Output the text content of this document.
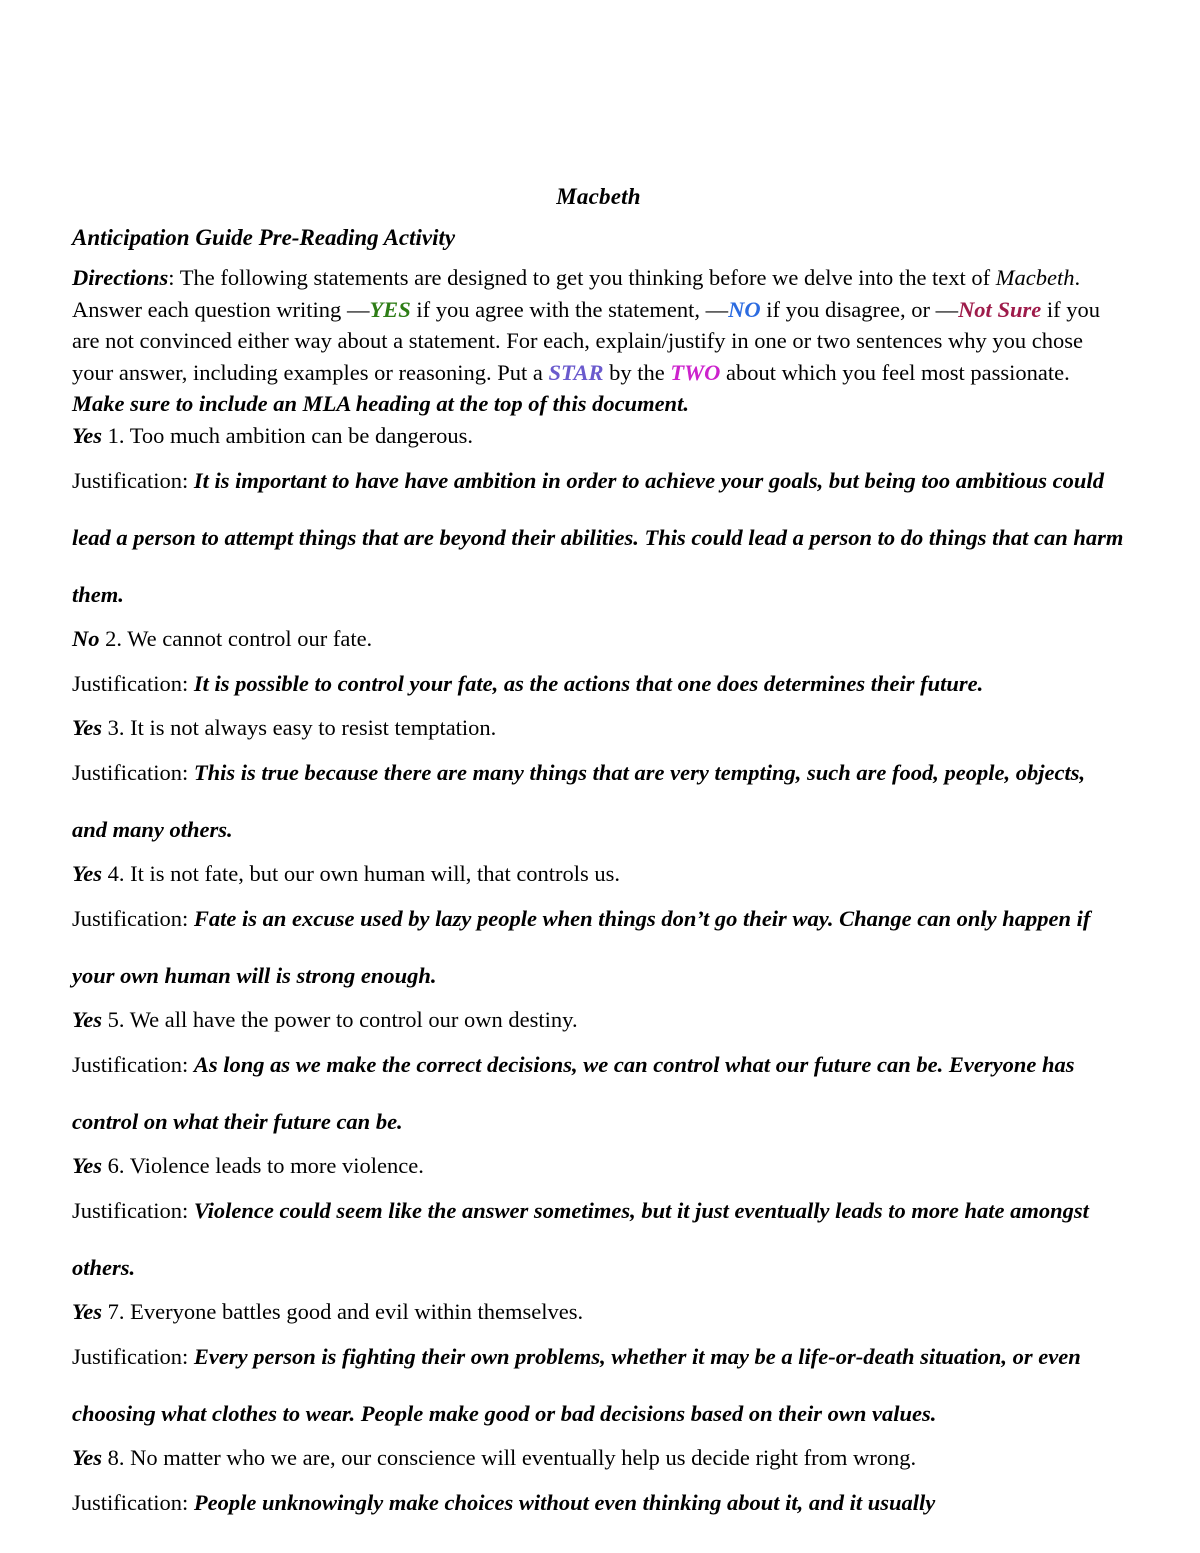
Macbeth
Anticipation Guide Pre-Reading Activity

Directions: The following statements are designed to get you thinking before we delve into the text of Macbeth. Answer each question writing —YES if you agree with the statement, —NO if you disagree, or —Not Sure if you are not convinced either way about a statement. For each, explain/justify in one or two sentences why you chose your answer, including examples or reasoning. Put a STAR by the TWO about which you feel most passionate. Make sure to include an MLA heading at the top of this document.

Yes 1. Too much ambition can be dangerous.

Justification: It is important to have have ambition in order to achieve your goals, but being too ambitious could lead a person to attempt things that are beyond their abilities. This could lead a person to do things that can harm them.

No 2. We cannot control our fate.

Justification: It is possible to control your fate, as the actions that one does determines their future.

Yes 3. It is not always easy to resist temptation.

Justification: This is true because there are many things that are very tempting, such are food, people, objects, and many others.

Yes 4. It is not fate, but our own human will, that controls us.

Justification: Fate is an excuse used by lazy people when things don’t go their way. Change can only happen if your own human will is strong enough.

Yes 5. We all have the power to control our own destiny.

Justification: As long as we make the correct decisions, we can control what our future can be. Everyone has control on what their future can be.

Yes 6. Violence leads to more violence.

Justification: Violence could seem like the answer sometimes, but it just eventually leads to more hate amongst others.

Yes 7. Everyone battles good and evil within themselves.

Justification: Every person is fighting their own problems, whether it may be a life-or-death situation, or even choosing what clothes to wear. People make good or bad decisions based on their own values.

Yes 8. No matter who we are, our conscience will eventually help us decide right from wrong.

Justification: People unknowingly make choices without even thinking about it, and it usually
